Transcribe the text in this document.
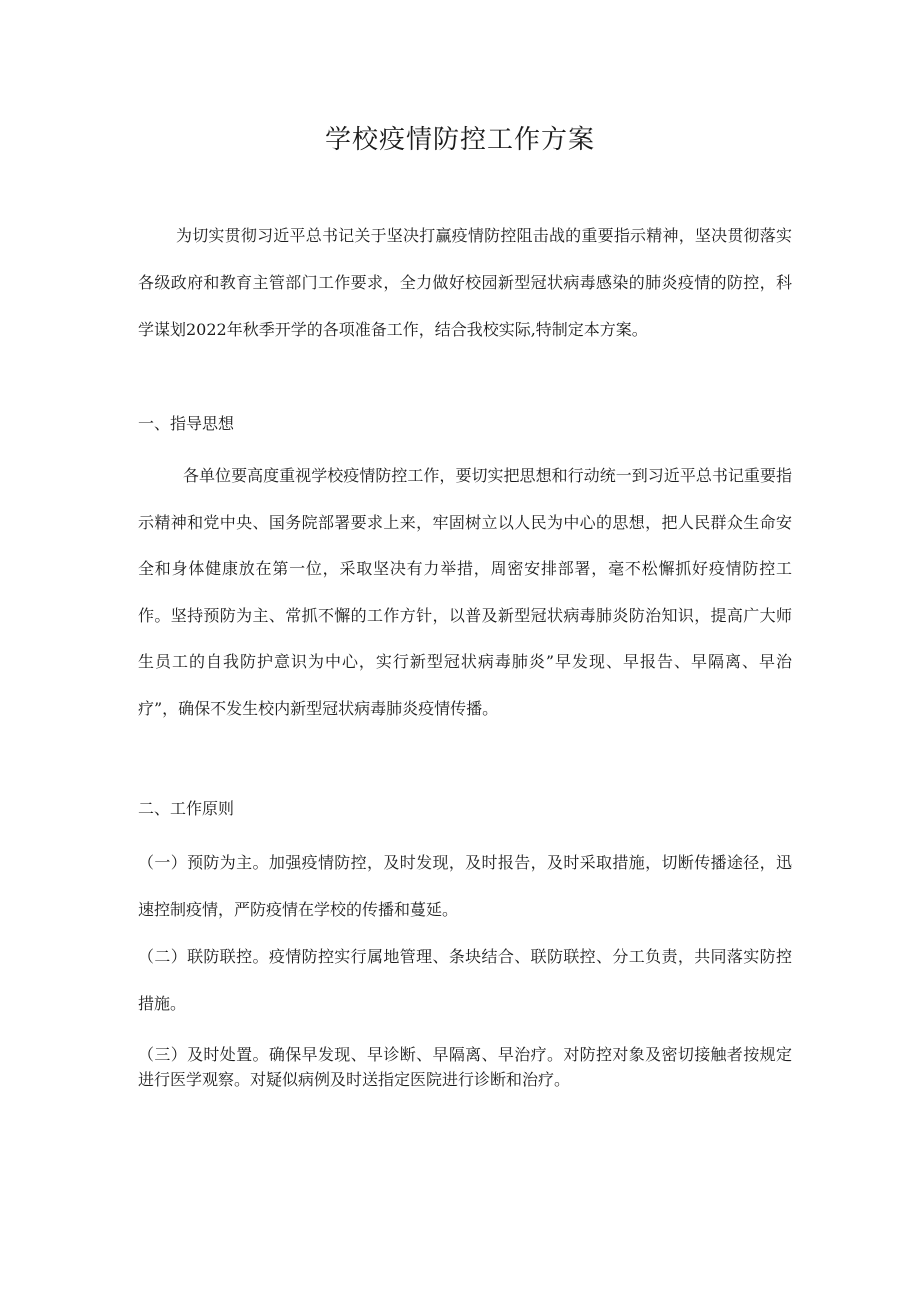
学校疫情防控工作方案

为切实贯彻习近平总书记关于坚决打赢疫情防控阻击战的重要指示精神，坚决贯彻落实各级政府和教育主管部门工作要求，全力做好校园新型冠状病毒感染的肺炎疫情的防控，科学谋划2022年秋季开学的各项准备工作，结合我校实际,特制定本方案。

一、指导思想

各单位要高度重视学校疫情防控工作，要切实把思想和行动统一到习近平总书记重要指示精神和党中央、国务院部署要求上来，牢固树立以人民为中心的思想，把人民群众生命安全和身体健康放在第一位，采取坚决有力举措，周密安排部署，毫不松懈抓好疫情防控工作。坚持预防为主、常抓不懈的工作方针，以普及新型冠状病毒肺炎防治知识，提高广大师生员工的自我防护意识为中心，实行新型冠状病毒肺炎”早发现、早报告、早隔离、早治疗”，确保不发生校内新型冠状病毒肺炎疫情传播。

二、工作原则

（一）预防为主。加强疫情防控，及时发现，及时报告，及时采取措施，切断传播途径，迅速控制疫情，严防疫情在学校的传播和蔓延。

（二）联防联控。疫情防控实行属地管理、条块结合、联防联控、分工负责，共同落实防控措施。

（三）及时处置。确保早发现、早诊断、早隔离、早治疗。对防控对象及密切接触者按规定进行医学观察。对疑似病例及时送指定医院进行诊断和治疗。
